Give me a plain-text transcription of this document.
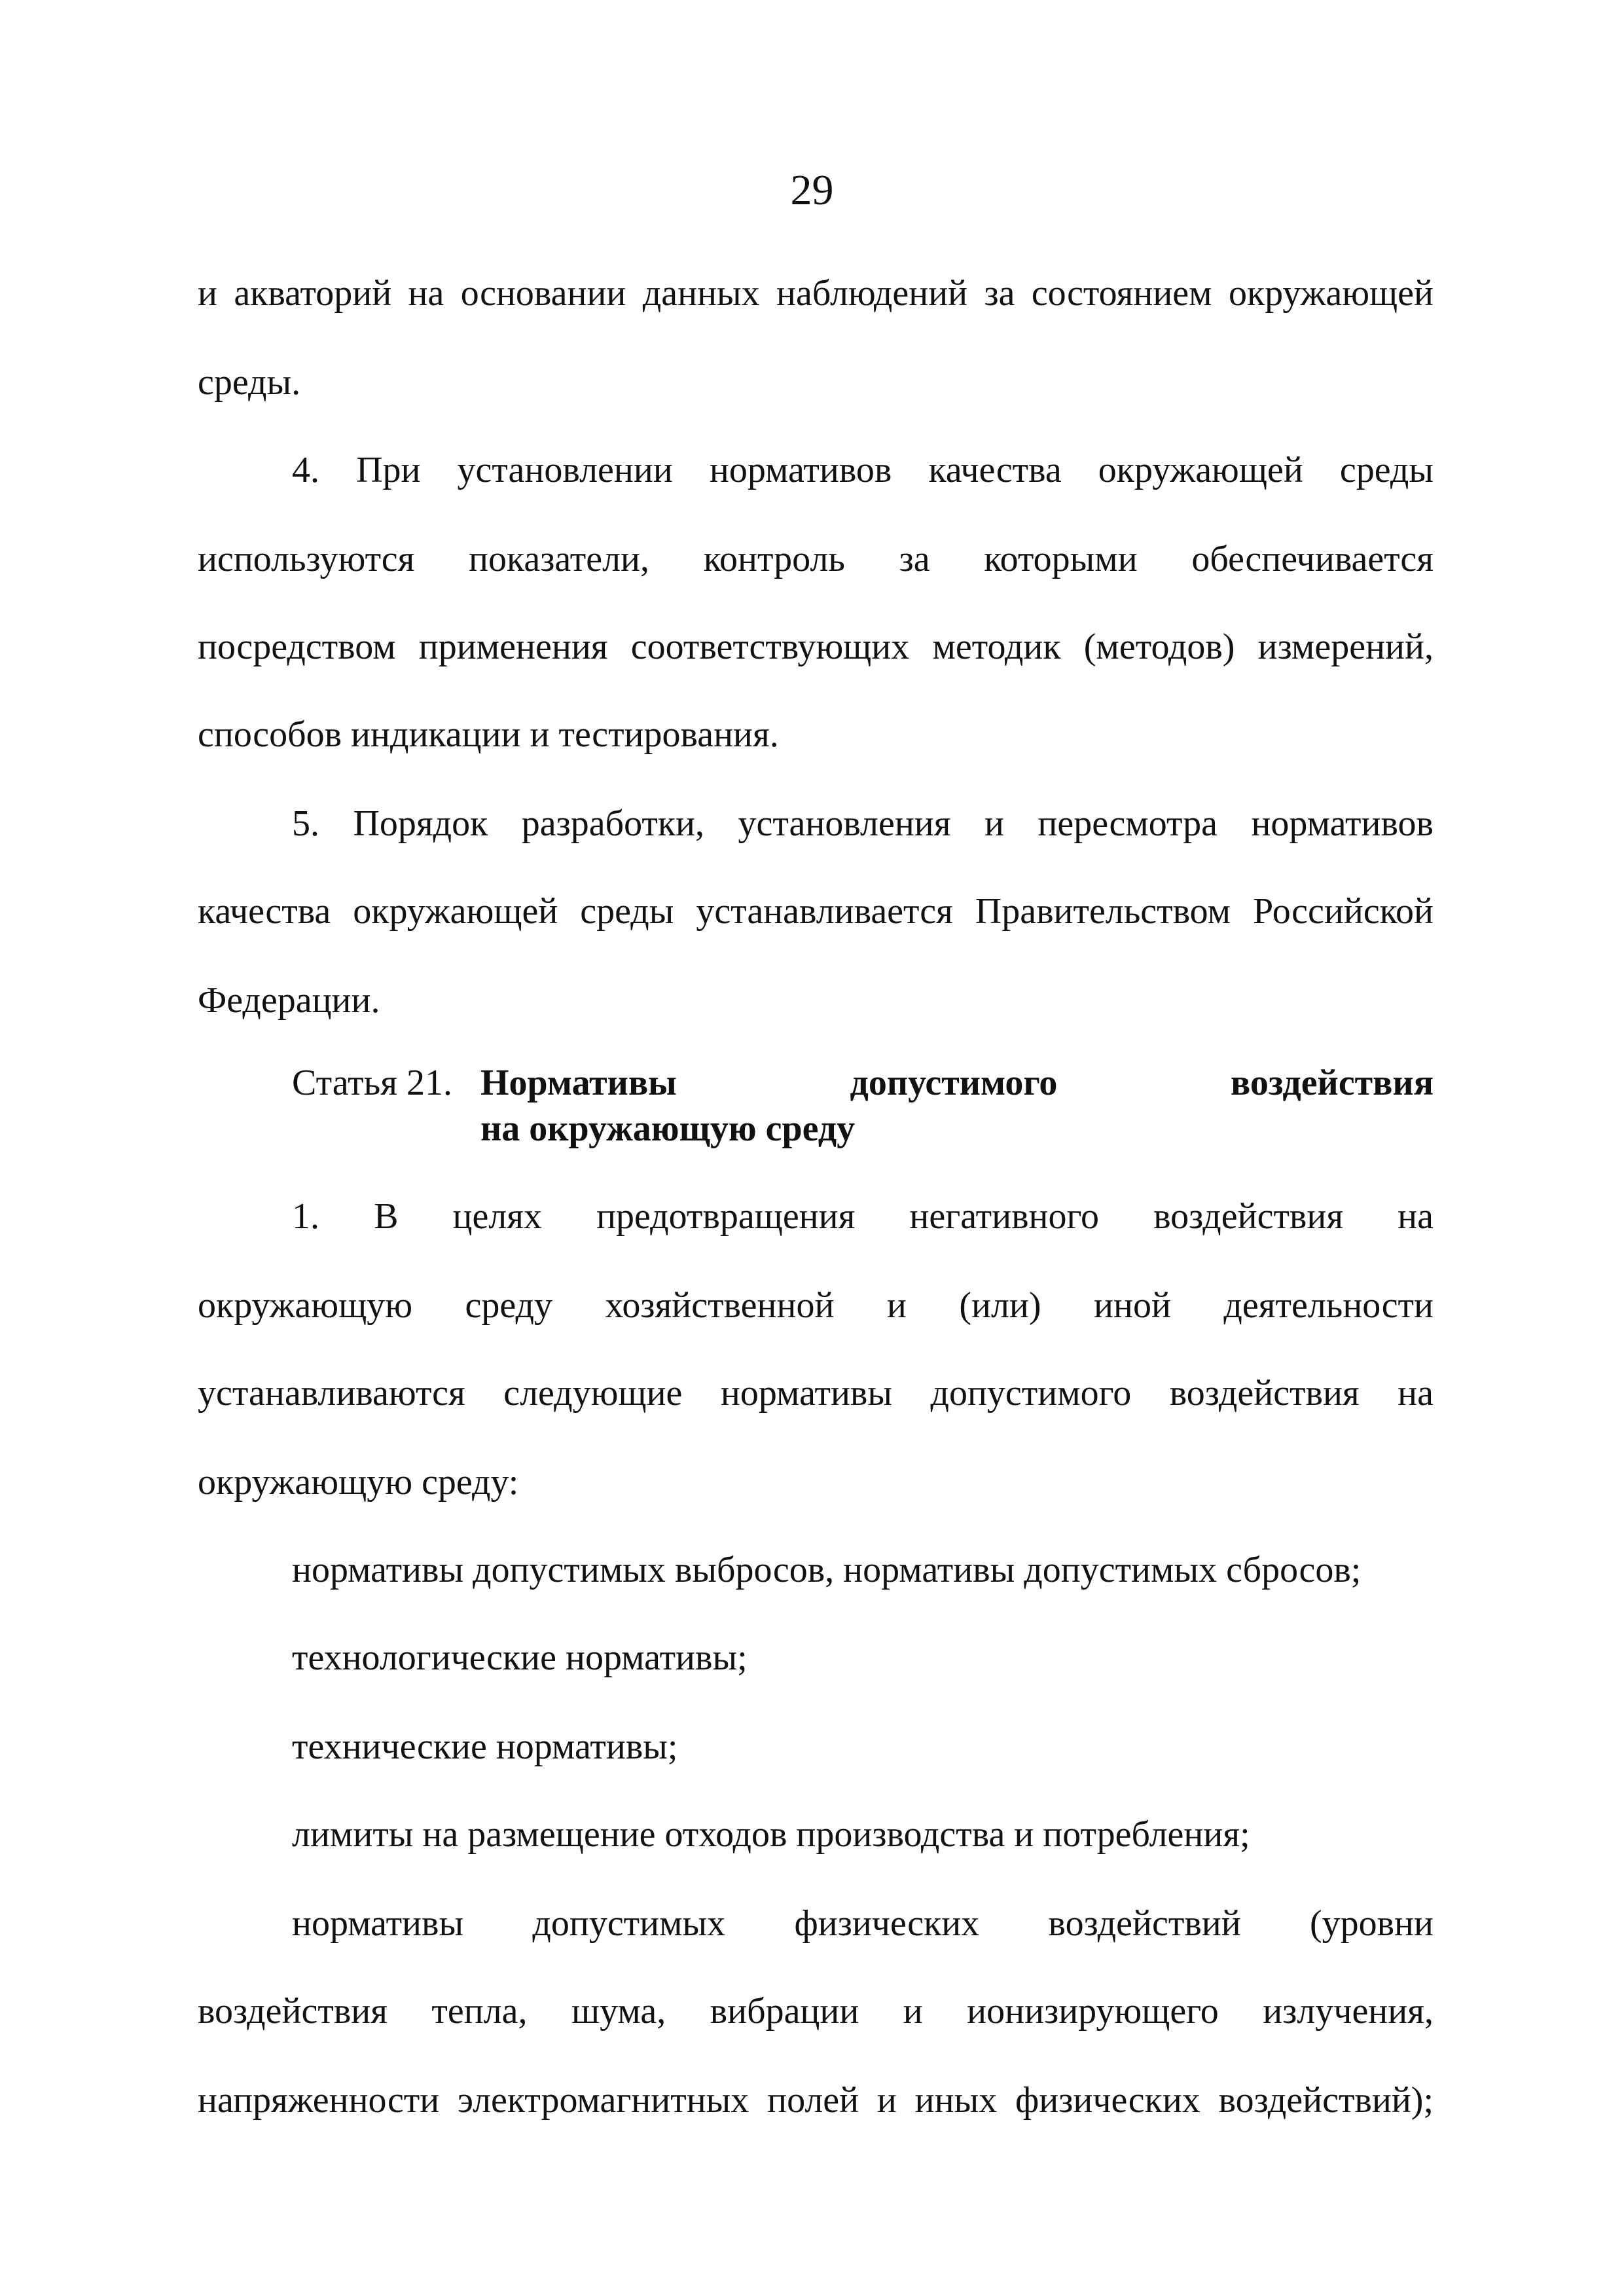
29
и акваторий на основании данных наблюдений за состоянием окружающей
среды.
4. При установлении нормативов качества окружающей среды
используются показатели, контроль за которыми обеспечивается
посредством применения соответствующих методик (методов) измерений,
способов индикации и тестирования.
5. Порядок разработки, установления и пересмотра нормативов
качества окружающей среды устанавливается Правительством Российской
Федерации.
Статья 21. Нормативы допустимого воздействия
на окружающую среду
1. В целях предотвращения негативного воздействия на
окружающую среду хозяйственной и (или) иной деятельности
устанавливаются следующие нормативы допустимого воздействия на
окружающую среду:
нормативы допустимых выбросов, нормативы допустимых сбросов;
технологические нормативы;
технические нормативы;
лимиты на размещение отходов производства и потребления;
нормативы допустимых физических воздействий (уровни
воздействия тепла, шума, вибрации и ионизирующего излучения,
напряженности электромагнитных полей и иных физических воздействий);
